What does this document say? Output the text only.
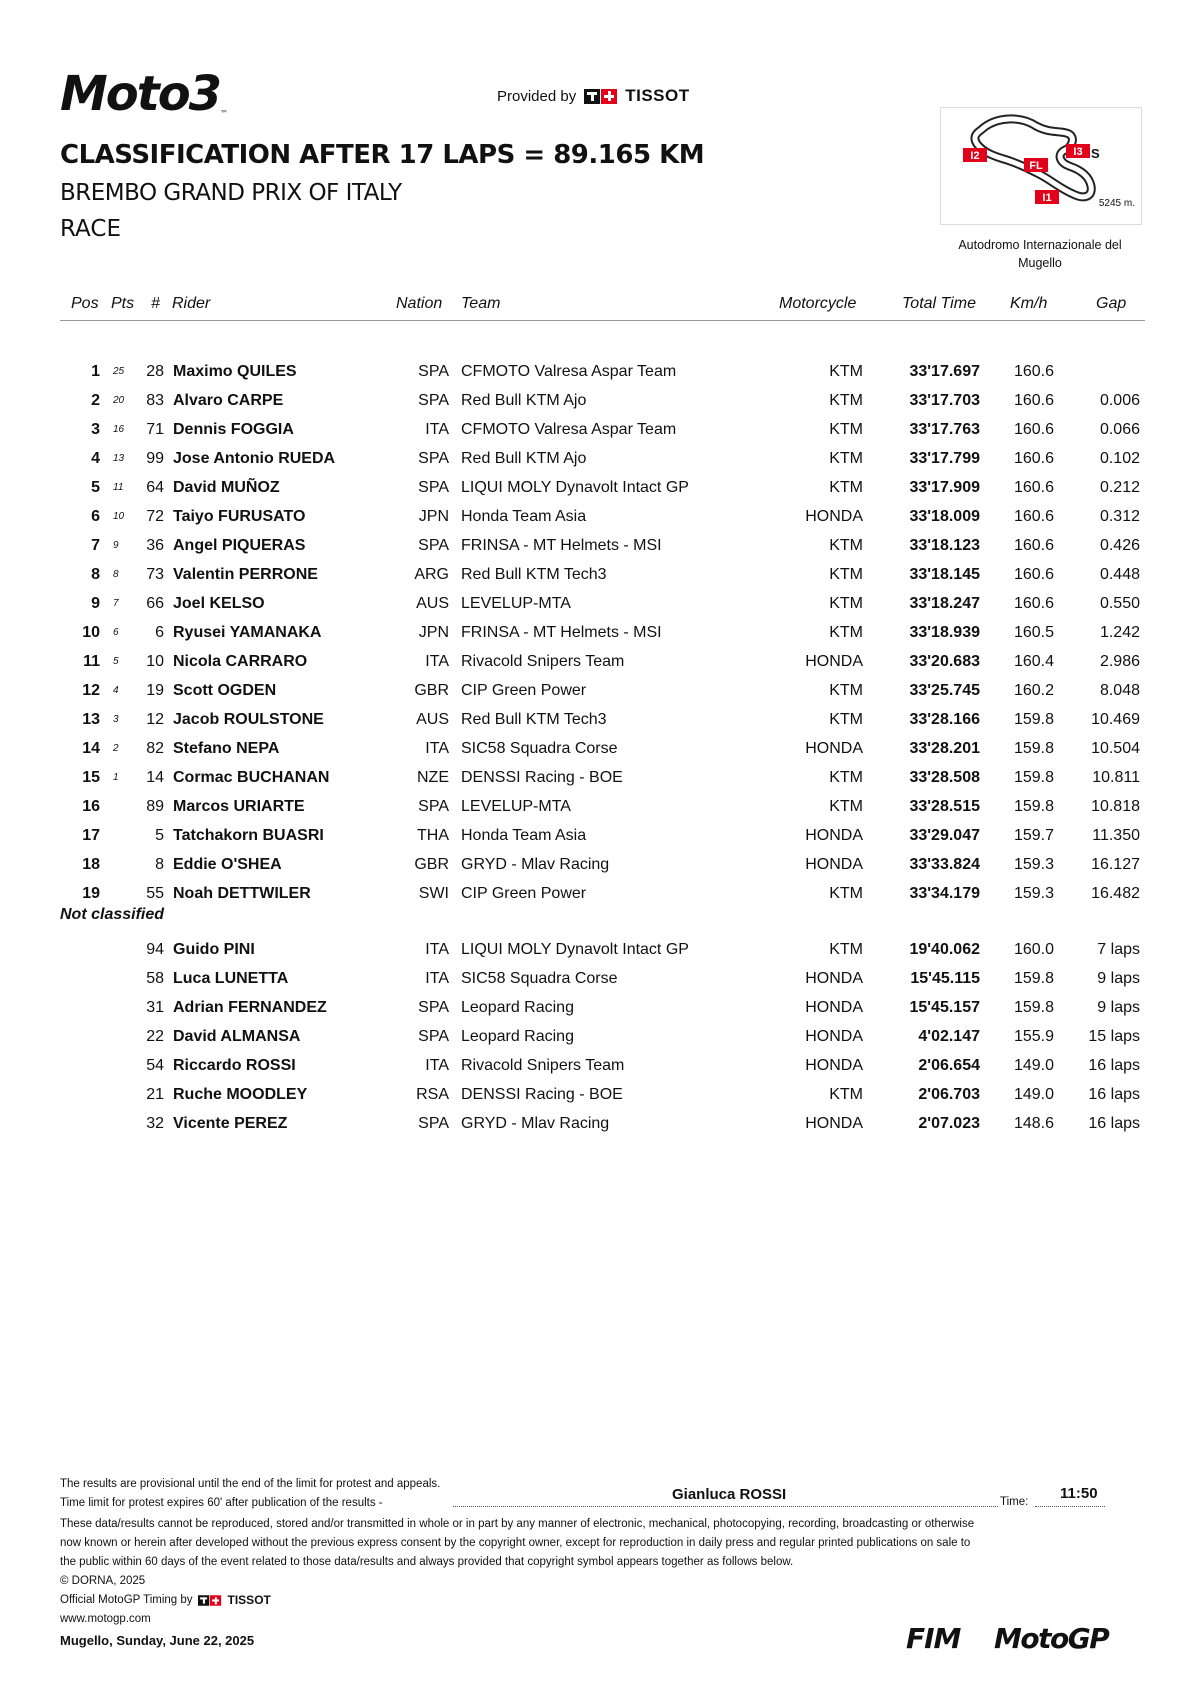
Moto3™
Provided by	TISSOT
CLASSIFICATION AFTER 17 LAPS = 89.165 KM
BREMBO GRAND PRIX OF ITALY
RACE
I2	I3
FL
I1
S
5245 m.
Autodromo Internazionale del Mugello
Pos Pts # Rider	Nation Team	Motorcycle	Total Time Km/h	Gap
1 25 28 Maximo QUILES	SPA CFMOTO Valresa Aspar Team	KTM	33'17.697 160.6
2 20 83 Alvaro CARPE	SPA Red Bull KTM Ajo	KTM	33'17.703 160.6	0.006
3 16 71 Dennis FOGGIA	ITA CFMOTO Valresa Aspar Team	KTM	33'17.763 160.6	0.066
4 13 99 Jose Antonio RUEDA	SPA Red Bull KTM Ajo	KTM	33'17.799 160.6	0.102
5 11 64 David MUÑOZ	SPA LIQUI MOLY Dynavolt Intact GP	KTM	33'17.909 160.6	0.212
6 10 72 Taiyo FURUSATO	JPN Honda Team Asia	HONDA	33'18.009 160.6	0.312
7 9 36 Angel PIQUERAS	SPA FRINSA - MT Helmets - MSI	KTM	33'18.123 160.6	0.426
8 8 73 Valentin PERRONE	ARG Red Bull KTM Tech3	KTM	33'18.145 160.6	0.448
9 7 66 Joel KELSO	AUS LEVELUP-MTA	KTM	33'18.247 160.6	0.550
10 6 6 Ryusei YAMANAKA	JPN FRINSA - MT Helmets - MSI	KTM	33'18.939 160.5	1.242
11 5 10 Nicola CARRARO	ITA Rivacold Snipers Team	HONDA	33'20.683 160.4	2.986
12 4 19 Scott OGDEN	GBR CIP Green Power	KTM	33'25.745 160.2	8.048
13 3 12 Jacob ROULSTONE	AUS Red Bull KTM Tech3	KTM	33'28.166 159.8 10.469
14 2 82 Stefano NEPA	ITA SIC58 Squadra Corse	HONDA	33'28.201 159.8 10.504
15 1 14 Cormac BUCHANAN	NZE DENSSI Racing - BOE	KTM	33'28.508 159.8 10.811
16	89 Marcos URIARTE	SPA LEVELUP-MTA	KTM	33'28.515 159.8 10.818
17	5 Tatchakorn BUASRI	THA Honda Team Asia	HONDA	33'29.047 159.7 11.350
18	8 Eddie O'SHEA	GBR GRYD - Mlav Racing	HONDA	33'33.824 159.3 16.127
19	55 Noah DETTWILER	SWI CIP Green Power	KTM	33'34.179 159.3 16.482
94 Guido PINI	ITA LIQUI MOLY Dynavolt Intact GP	KTM	19'40.062 160.0	7 laps
58 Luca LUNETTA	ITA SIC58 Squadra Corse	HONDA	15'45.115 159.8	9 laps
31 Adrian FERNANDEZ	SPA Leopard Racing	HONDA	15'45.157 159.8	9 laps
22 David ALMANSA	SPA Leopard Racing	HONDA	4'02.147 155.9 15 laps
54 Riccardo ROSSI	ITA Rivacold Snipers Team	HONDA	2'06.654 149.0 16 laps
21 Ruche MOODLEY	RSA DENSSI Racing - BOE	KTM	2'06.703 149.0 16 laps
32 Vicente PEREZ	SPA GRYD - Mlav Racing	HONDA	2'07.023 148.6 16 laps
Not classified
The results are provisional until the end of the limit for protest and appeals.
Time limit for protest expires 60' after publication of the results -	Gianluca ROSSI	Time: 11:50
These data/results cannot be reproduced, stored and/or transmitted in whole or in part by any manner of electronic, mechanical, photocopying, recording, broadcasting or otherwise
now known or herein after developed without the previous express consent by the copyright owner, except for reproduction in daily press and regular printed publications on sale to
the public within 60 days of the event related to those data/results and always provided that copyright symbol appears together as follows below.
© DORNA, 2025
Official MotoGP Timing by	TISSOT
www.motogp.com
Mugello, Sunday, June 22, 2025	FIM MotoGP
